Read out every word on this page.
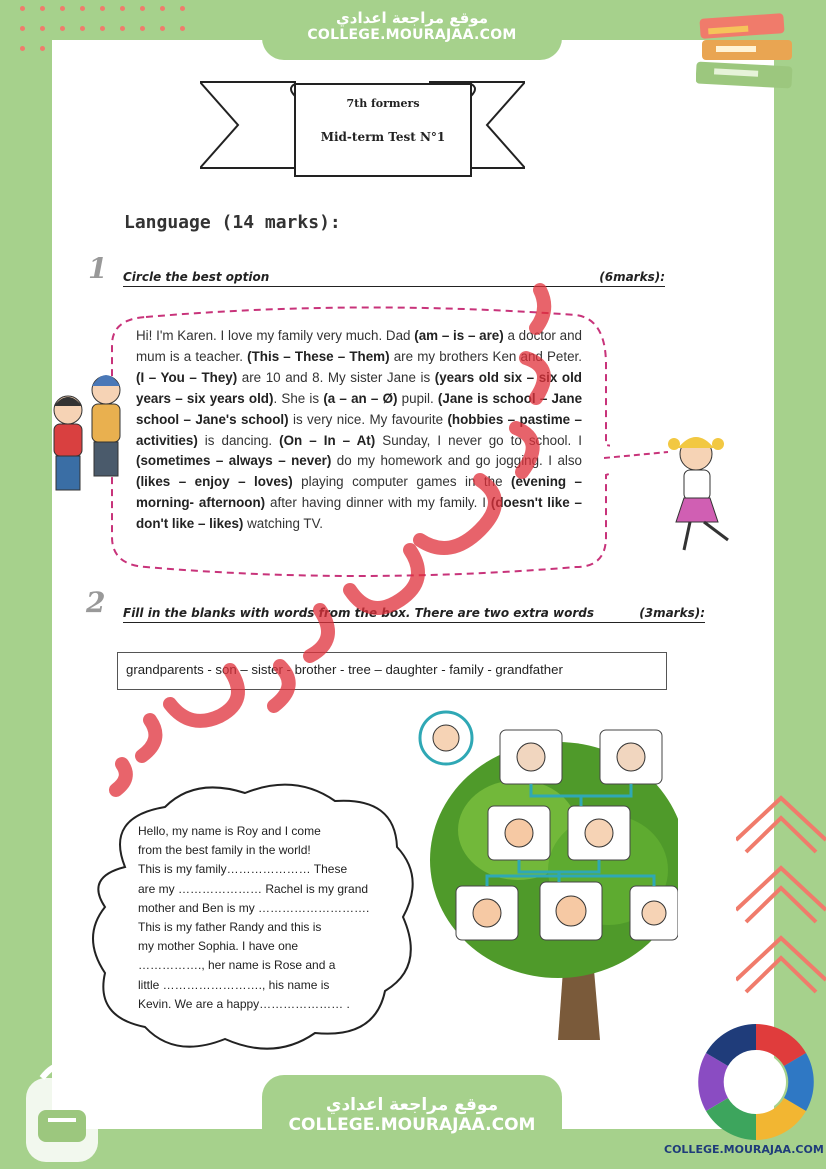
موقع مراجعة اعدادي
COLLEGE.MOURAJAA.COM
7th formers
Mid-term Test N°1
Language (14 marks):
1 Circle the best option	(6marks):
Hi! I'm Karen. I love my family very much. Dad (am – is – are) a doctor and mum is a teacher. (This – These – Them) are my brothers Ken and Peter. (I – You – They) are 10 and 8. My sister Jane is (years old six – six old years – six years old). She is (a – an – Ø) pupil. (Jane is school – Jane school – Jane's school) is very nice. My favourite (hobbies – pastime – activities) is dancing. (On – In – At) Sunday, I never go to school. I (sometimes – always – never) do my homework and go jogging. I also (likes – enjoy – loves) playing computer games in the (evening – morning- afternoon) after having dinner with my family. I (doesn't like – don't like – likes) watching TV.
2 Fill in the blanks with words from the box. There are two extra words	(3marks):
grandparents - son – sister - brother - tree – daughter - family - grandfather
Hello, my name is Roy and I come
from the best family in the world!
This is my family………………… These
are my ………………… Rachel is my grand
mother and Ben is my ……………………….
This is my father Randy and this is
my mother Sophia. I have one
……………., her name is Rose and a
little ……………………., his name is
Kevin. We are a happy………………… .
موقع مراجعة اعدادي
COLLEGE.MOURAJAA.COM
COLLEGE.MOURAJAA.COM
